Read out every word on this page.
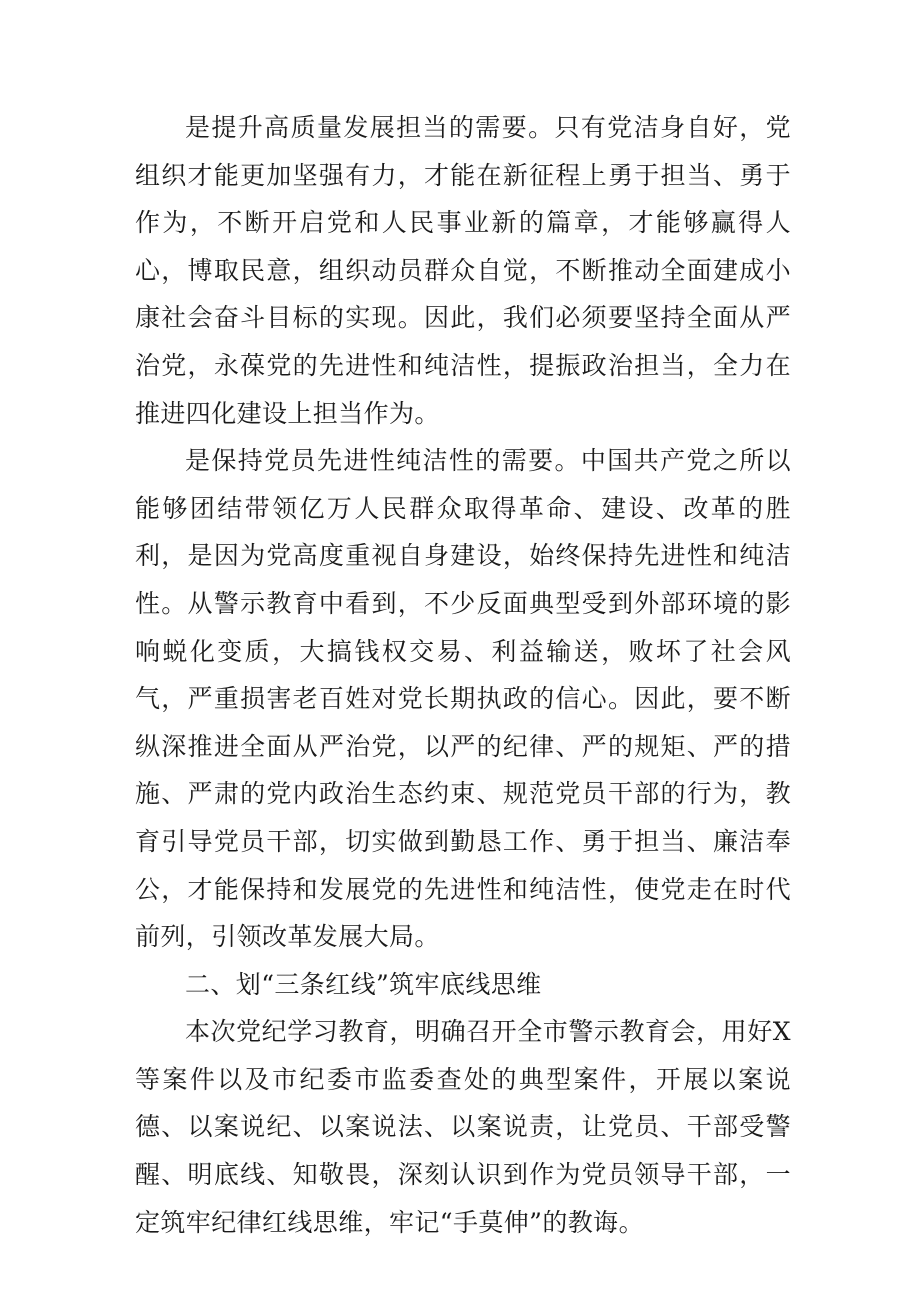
是提升高质量发展担当的需要。只有党洁身自好，党组织才能更加坚强有力，才能在新征程上勇于担当、勇于作为，不断开启党和人民事业新的篇章，才能够赢得人心，博取民意，组织动员群众自觉，不断推动全面建成小康社会奋斗目标的实现。因此，我们必须要坚持全面从严治党，永葆党的先进性和纯洁性，提振政治担当，全力在推进四化建设上担当作为。

是保持党员先进性纯洁性的需要。中国共产党之所以能够团结带领亿万人民群众取得革命、建设、改革的胜利，是因为党高度重视自身建设，始终保持先进性和纯洁性。从警示教育中看到，不少反面典型受到外部环境的影响蜕化变质，大搞钱权交易、利益输送，败坏了社会风气，严重损害老百姓对党长期执政的信心。因此，要不断纵深推进全面从严治党，以严的纪律、严的规矩、严的措施、严肃的党内政治生态约束、规范党员干部的行为，教育引导党员干部，切实做到勤恳工作、勇于担当、廉洁奉公，才能保持和发展党的先进性和纯洁性，使党走在时代前列，引领改革发展大局。

二、划“三条红线”筑牢底线思维

本次党纪学习教育，明确召开全市警示教育会，用好X等案件以及市纪委市监委查处的典型案件，开展以案说德、以案说纪、以案说法、以案说责，让党员、干部受警醒、明底线、知敬畏，深刻认识到作为党员领导干部，一定筑牢纪律红线思维，牢记“手莫伸”的教诲。
